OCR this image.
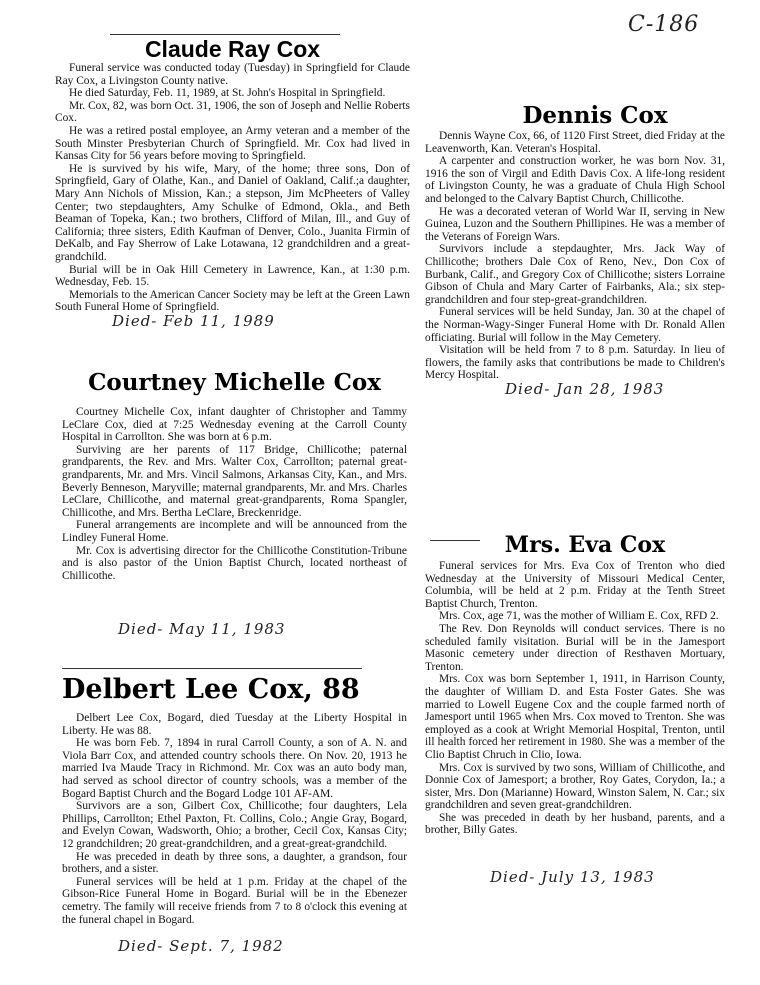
C-186
Claude Ray Cox

Funeral service was conducted today (Tuesday) in Springfield for Claude Ray Cox, a Livingston County native.

He died Saturday, Feb. 11, 1989, at St. John's Hospital in Springfield.

Mr. Cox, 82, was born Oct. 31, 1906, the son of Joseph and Nellie Roberts Cox.

He was a retired postal employee, an Army veteran and a member of the South Minster Presbyterian Church of Springfield. Mr. Cox had lived in Kansas City for 56 years before moving to Springfield.

He is survived by his wife, Mary, of the home; three sons, Don of Springfield, Gary of Olathe, Kan., and Daniel of Oakland, Calif.;a daughter, Mary Ann Nichols of Mission, Kan.; a stepson, Jim McPheeters of Valley Center; two stepdaughters, Amy Schulke of Edmond, Okla., and Beth Beaman of Topeka, Kan.; two brothers, Clifford of Milan, Ill., and Guy of California; three sisters, Edith Kaufman of Denver, Colo., Juanita Firmin of DeKalb, and Fay Sherrow of Lake Lotawana, 12 grandchildren and a great-grandchild.

Burial will be in Oak Hill Cemetery in Lawrence, Kan., at 1:30 p.m. Wednesday, Feb. 15.

Memorials to the American Cancer Society may be left at the Green Lawn South Funeral Home of Springfield.

Died- Feb 11, 1989
Courtney Michelle Cox

Courtney Michelle Cox, infant daughter of Christopher and Tammy LeClare Cox, died at 7:25 Wednesday evening at the Carroll County Hospital in Carrollton. She was born at 6 p.m.

Surviving are her parents of 117 Bridge, Chillicothe; paternal grandparents, the Rev. and Mrs. Walter Cox, Carrollton; paternal great-grandparents, Mr. and Mrs. Vincil Salmons, Arkansas City, Kan., and Mrs. Beverly Benneson, Maryville; maternal grandparents, Mr. and Mrs. Charles LeClare, Chillicothe, and maternal great-grandparents, Roma Spangler, Chillicothe, and Mrs. Bertha LeClare, Breckenridge.

Funeral arrangements are incomplete and will be announced from the Lindley Funeral Home.

Mr. Cox is advertising director for the Chillicothe Constitution-Tribune and is also pastor of the Union Baptist Church, located northeast of Chillicothe.

Died- May 11, 1983
Delbert Lee Cox, 88

Delbert Lee Cox, Bogard, died Tuesday at the Liberty Hospital in Liberty. He was 88.

He was born Feb. 7, 1894 in rural Carroll County, a son of A. N. and Viola Barr Cox, and attended country schools there. On Nov. 20, 1913 he married Iva Maude Tracy in Richmond. Mr. Cox was an auto body man, had served as school director of country schools, was a member of the Bogard Baptist Church and the Bogard Lodge 101 AF-AM.

Survivors are a son, Gilbert Cox, Chillicothe; four daughters, Lela Phillips, Carrollton; Ethel Paxton, Ft. Collins, Colo.; Angie Gray, Bogard, and Evelyn Cowan, Wadsworth, Ohio; a brother, Cecil Cox, Kansas City; 12 grandchildren; 20 great-grandchildren, and a great-great-grandchild.

He was preceded in death by three sons, a daughter, a grandson, four brothers, and a sister.

Funeral services will be held at 1 p.m. Friday at the chapel of the Gibson-Rice Funeral Home in Bogard. Burial will be in the Ebenezer cemetry. The family will receive friends from 7 to 8 o'clock this evening at the funeral chapel in Bogard.

Died- Sept. 7, 1982
Dennis Cox

Dennis Wayne Cox, 66, of 1120 First Street, died Friday at the Leavenworth, Kan. Veteran's Hospital.

A carpenter and construction worker, he was born Nov. 31, 1916 the son of Virgil and Edith Davis Cox. A life-long resident of Livingston County, he was a graduate of Chula High School and belonged to the Calvary Baptist Church, Chillicothe.

He was a decorated veteran of World War II, serving in New Guinea, Luzon and the Southern Phillipines. He was a member of the Veterans of Foreign Wars.

Survivors include a stepdaughter, Mrs. Jack Way of Chillicothe; brothers Dale Cox of Reno, Nev., Don Cox of Burbank, Calif., and Gregory Cox of Chillicothe; sisters Lorraine Gibson of Chula and Mary Carter of Fairbanks, Ala.; six step-grandchildren and four step-great-grandchildren.

Funeral services will be held Sunday, Jan. 30 at the chapel of the Norman-Wagy-Singer Funeral Home with Dr. Ronald Allen officiating. Burial will follow in the May Cemetery.

Visitation will be held from 7 to 8 p.m. Saturday. In lieu of flowers, the family asks that contributions be made to Children's Mercy Hospital.

Died- Jan 28, 1983
Mrs. Eva Cox

Funeral services for Mrs. Eva Cox of Trenton who died Wednesday at the University of Missouri Medical Center, Columbia, will be held at 2 p.m. Friday at the Tenth Street Baptist Church, Trenton.

Mrs. Cox, age 71, was the mother of William E. Cox, RFD 2.

The Rev. Don Reynolds will conduct services. There is no scheduled family visitation. Burial will be in the Jamesport Masonic cemetery under direction of Resthaven Mortuary, Trenton.

Mrs. Cox was born September 1, 1911, in Harrison County, the daughter of William D. and Esta Foster Gates. She was married to Lowell Eugene Cox and the couple farmed north of Jamesport until 1965 when Mrs. Cox moved to Trenton. She was employed as a cook at Wright Memorial Hospital, Trenton, until ill health forced her retirement in 1980. She was a member of the Clio Baptist Chruch in Clio, Iowa.

Mrs. Cox is survived by two sons, William of Chillicothe, and Donnie Cox of Jamesport; a brother, Roy Gates, Corydon, Ia.; a sister, Mrs. Don (Marianne) Howard, Winston Salem, N. Car.; six grandchildren and seven great-grandchildren.

She was preceded in death by her husband, parents, and a brother, Billy Gates.

Died- July 13, 1983
